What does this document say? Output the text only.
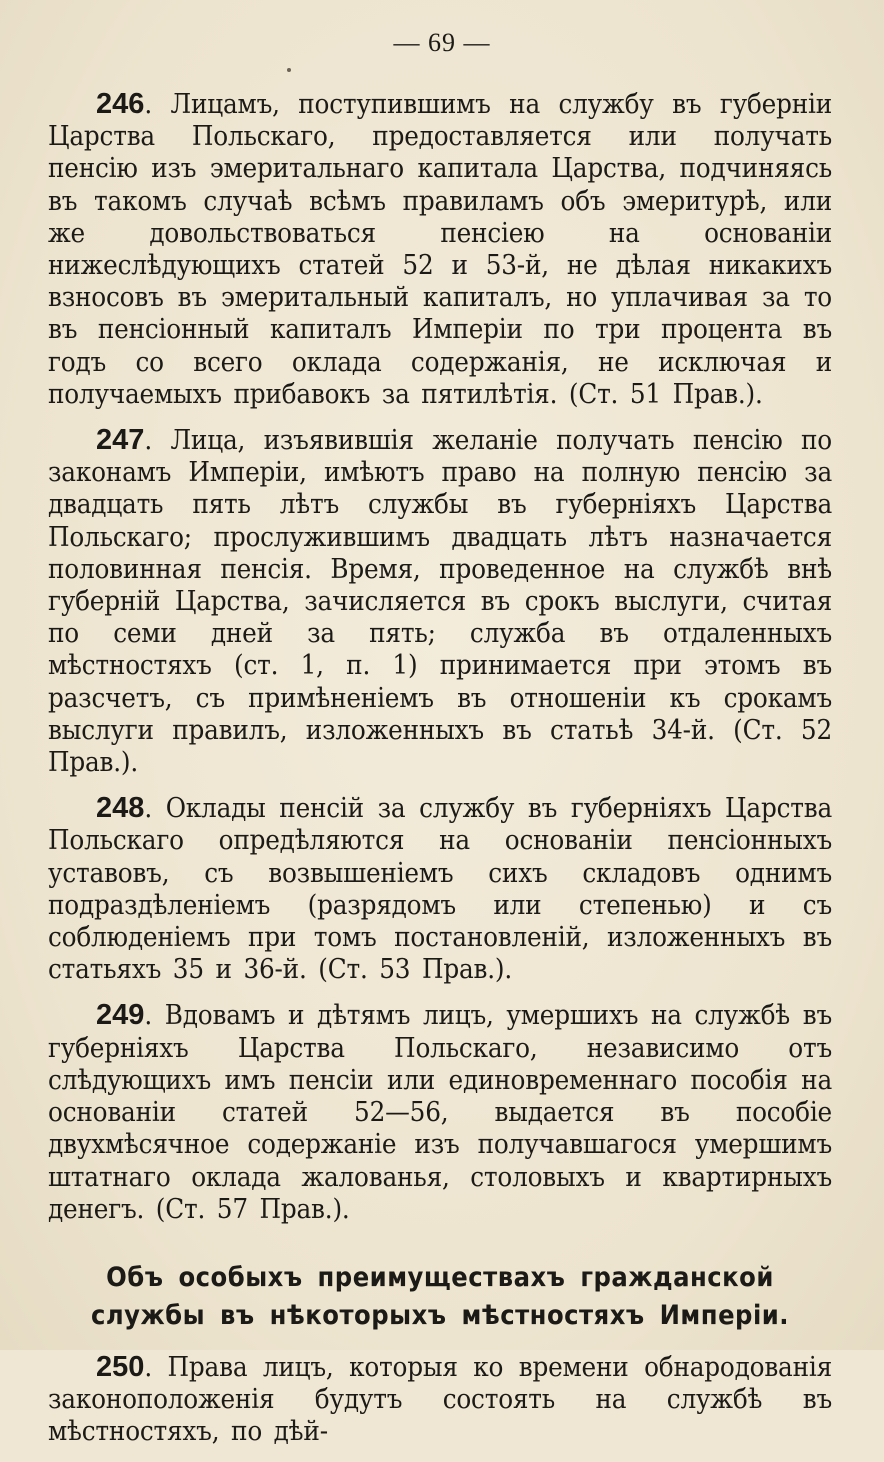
— 69 —

246. Лицамъ, поступившимъ на службу въ губерніи Царства Польскаго, предоставляется или получать пенсію изъ эмеритальнаго капитала Царства, подчиняясь въ такомъ случаѣ всѣмъ правиламъ объ эмеритурѣ, или же довольствоваться пенсіею на основаніи нижеслѣдующихъ статей 52 и 53-й, не дѣлая никакихъ взносовъ въ эмеритальный капиталъ, но уплачивая за то въ пенсіонный капиталъ Имперіи по три процента въ годъ со всего оклада содержанія, не исключая и получаемыхъ прибавокъ за пятилѣтія. (Ст. 51 Прав.).

247. Лица, изъявившія желаніе получать пенсію по законамъ Имперіи, имѣютъ право на полную пенсію за двадцать пять лѣтъ службы въ губерніяхъ Царства Польскаго; прослужившимъ двадцать лѣтъ назначается половинная пенсія. Время, проведенное на службѣ внѣ губерній Царства, зачисляется въ срокъ выслуги, считая по семи дней за пять; служба въ отдаленныхъ мѣстностяхъ (ст. 1, п. 1) принимается при этомъ въ разсчетъ, съ примѣненіемъ въ отношеніи къ срокамъ выслуги правилъ, изложенныхъ въ статьѣ 34-й. (Ст. 52 Прав.).

248. Оклады пенсій за службу въ губерніяхъ Царства Польскаго опредѣляются на основаніи пенсіонныхъ уставовъ, съ возвышеніемъ сихъ складовъ однимъ подраздѣленіемъ (разрядомъ или степенью) и съ соблюденіемъ при томъ постановленій, изложенныхъ въ статьяхъ 35 и 36-й. (Ст. 53 Прав.).

249. Вдовамъ и дѣтямъ лицъ, умершихъ на службѣ въ губерніяхъ Царства Польскаго, независимо отъ слѣдующихъ имъ пенсіи или единовременнаго пособія на основаніи статей 52—56, выдается въ пособіе двухмѣсячное содержаніе изъ получавшагося умершимъ штатнаго оклада жалованья, столовыхъ и квартирныхъ денегъ. (Ст. 57 Прав.).

Объ особыхъ преимуществахъ гражданской службы въ нѣкоторыхъ мѣстностяхъ Имперіи.

250. Права лицъ, которыя ко времени обнародованія законоположенія будутъ состоять на службѣ въ мѣстностяхъ, по дѣй-
